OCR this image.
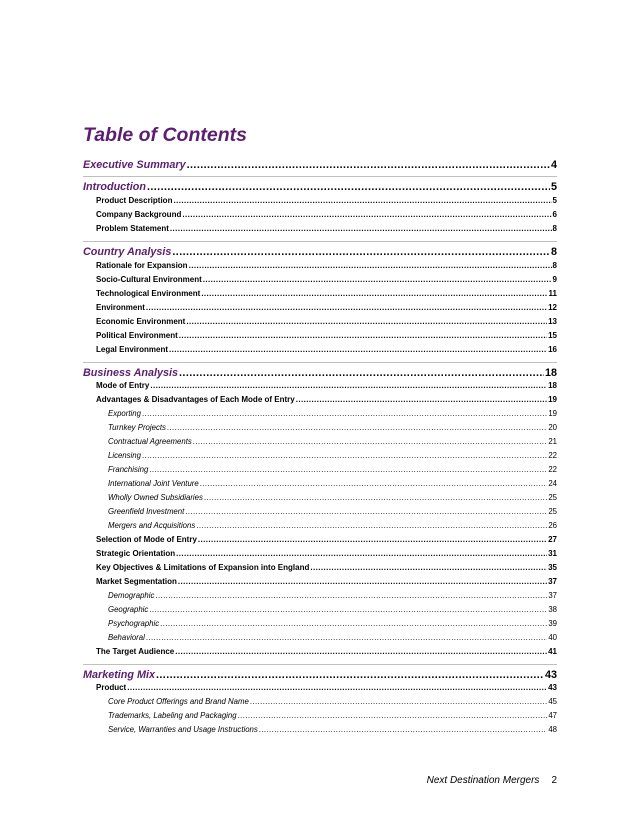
Table of Contents
Executive Summary .....	4
Introduction .....	5
Product Description .....	5
Company Background .....	6
Problem Statement .....	8
Country Analysis .....	8
Rationale for Expansion .....	8
Socio-Cultural Environment .....	9
Technological Environment .....	11
Environment .....	12
Economic Environment .....	13
Political Environment .....	15
Legal Environment .....	16
Business Analysis .....	18
Mode of Entry .....	18
Advantages & Disadvantages of Each Mode of Entry .....	19
Exporting .....	19
Turnkey Projects .....	20
Contractual Agreements .....	21
Licensing .....	22
Franchising .....	22
International Joint Venture .....	24
Wholly Owned Subsidiaries .....	25
Greenfield Investment .....	25
Mergers and Acquisitions .....	26
Selection of Mode of Entry .....	27
Strategic Orientation .....	31
Key Objectives & Limitations of Expansion into England .....	35
Market Segmentation .....	37
Demographic .....	37
Geographic .....	38
Psychographic .....	39
Behavioral .....	40
The Target Audience .....	41
Marketing Mix .....	43
Product .....	43
Core Product Offerings and Brand Name .....	45
Trademarks, Labeling and Packaging .....	47
Service, Warranties and Usage Instructions .....	48
Next Destination Mergers 2
